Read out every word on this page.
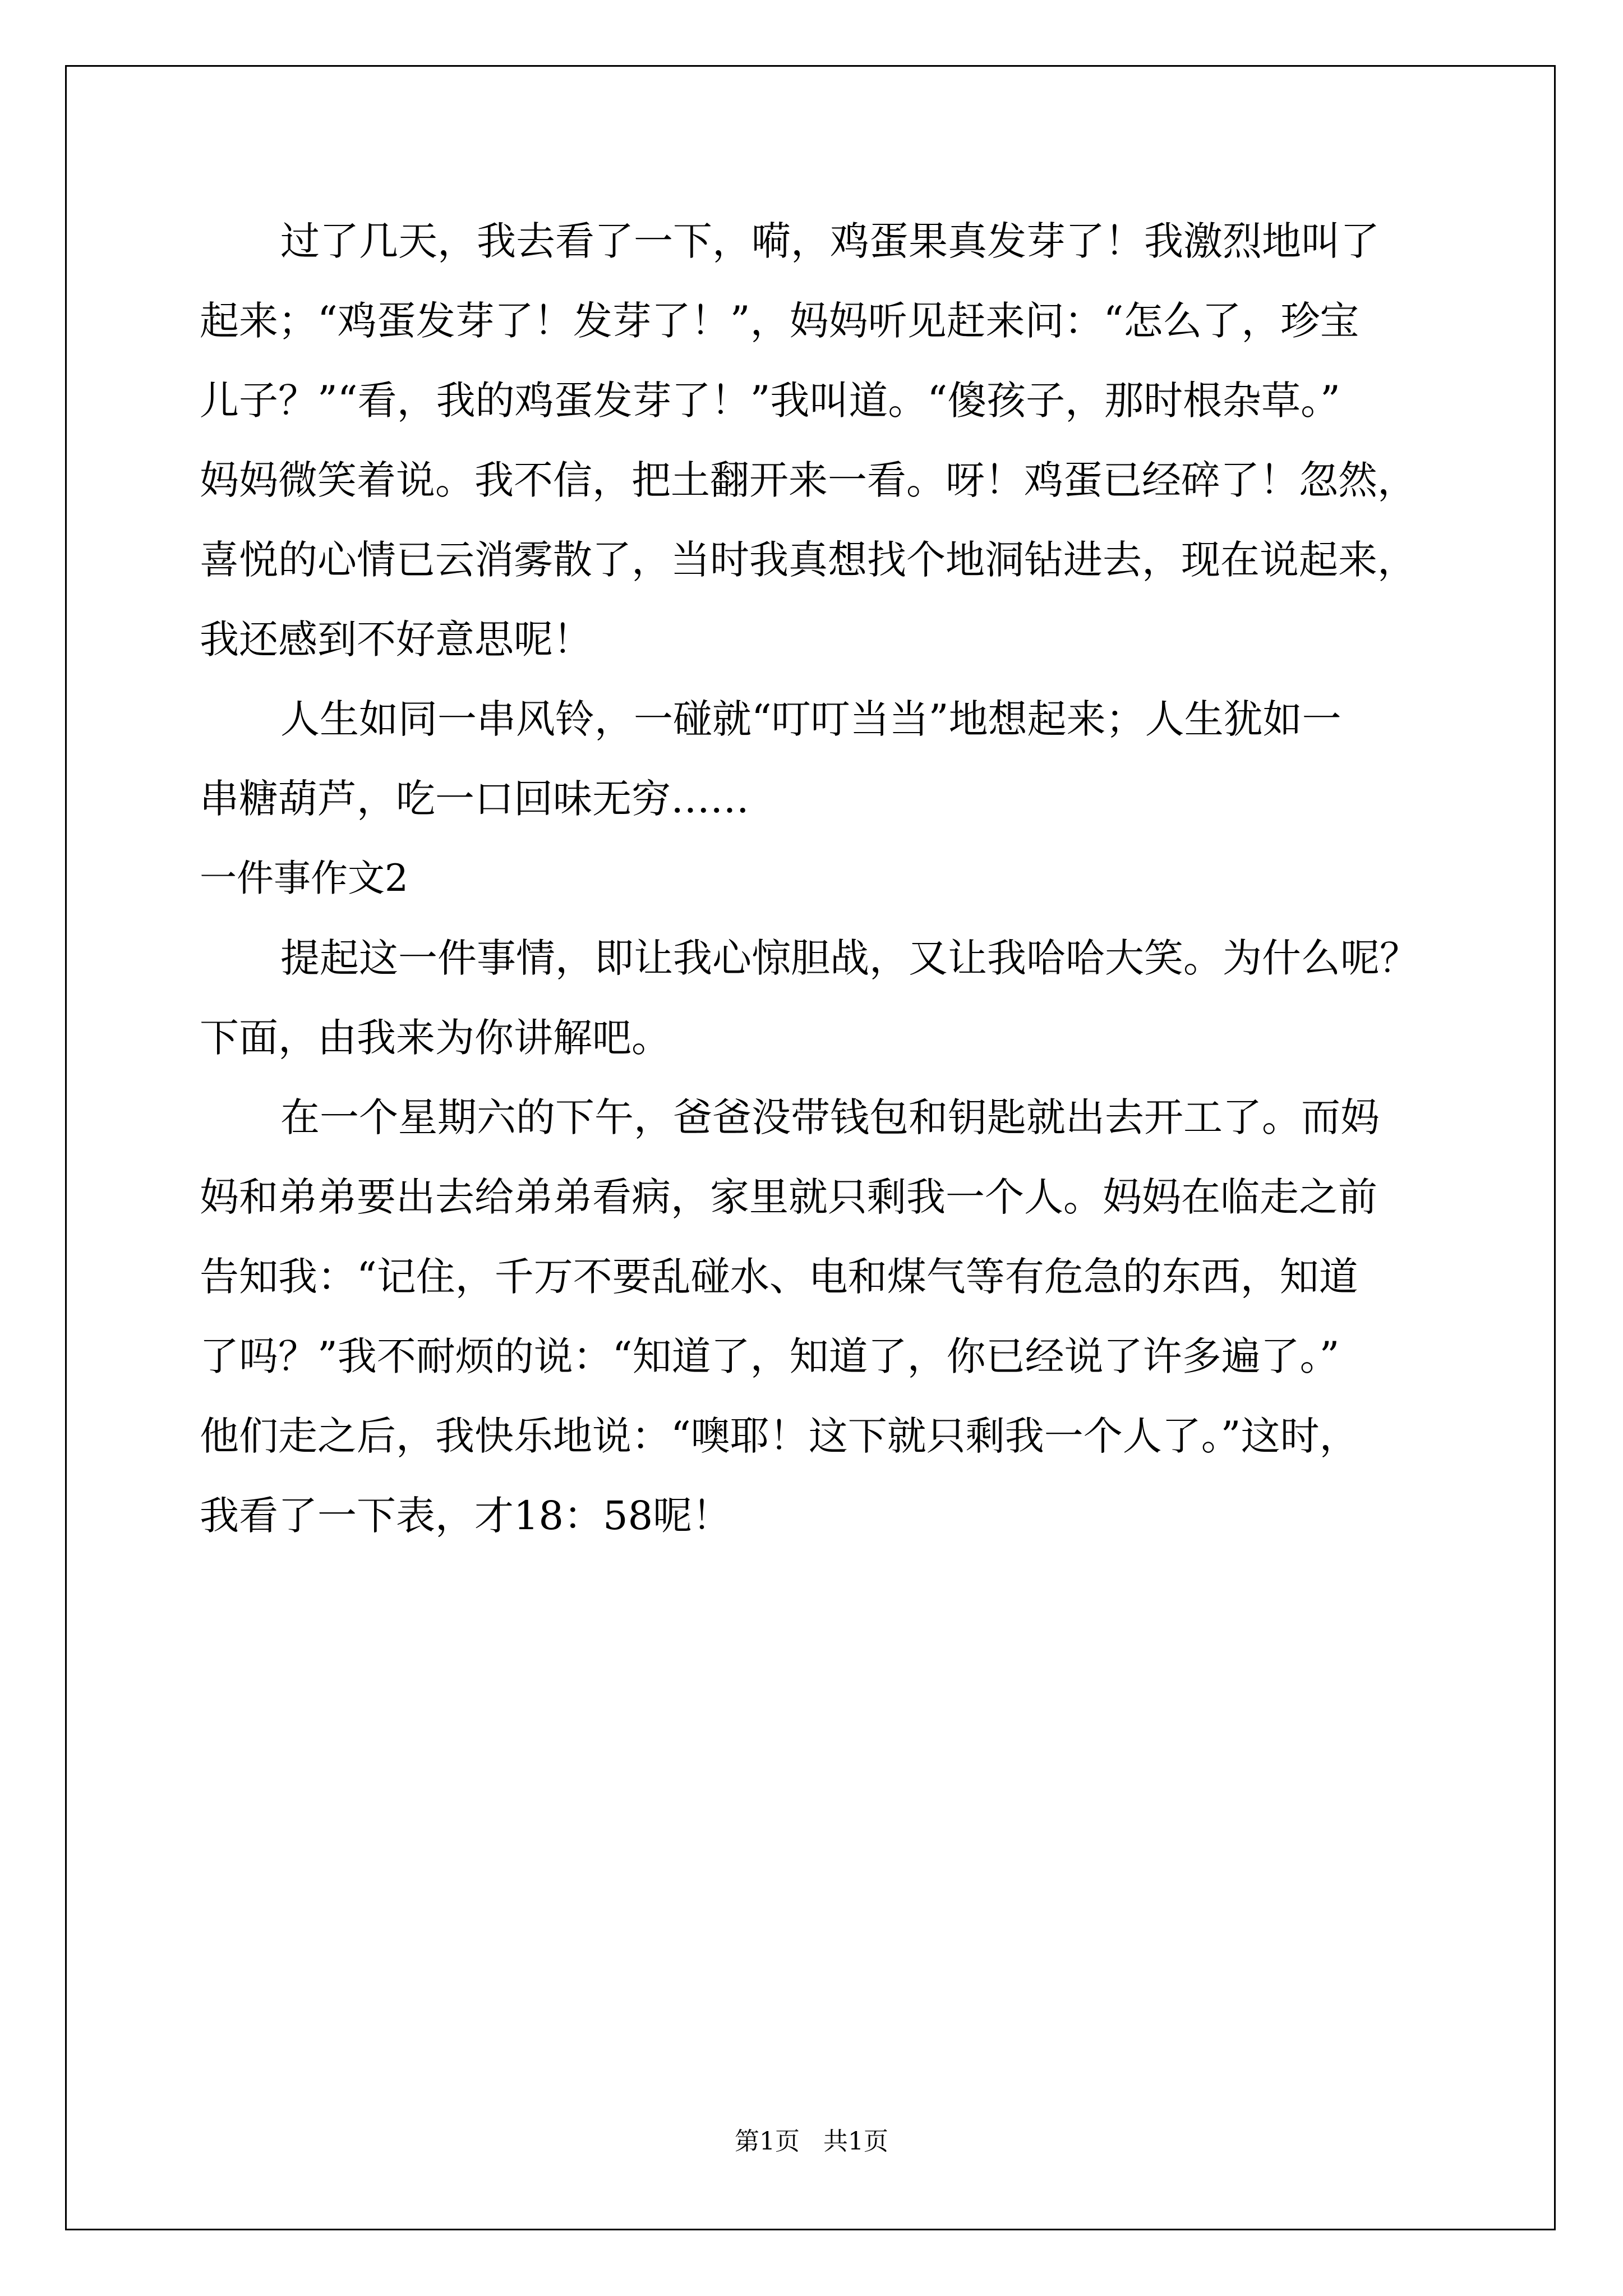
过了几天，我去看了一下，嗬，鸡蛋果真发芽了！我激烈地叫了
起来；“鸡蛋发芽了！发芽了！”，妈妈听见赶来问：“怎么了，珍宝
儿子？”“看，我的鸡蛋发芽了！”我叫道。“傻孩子，那时根杂草。”
妈妈微笑着说。我不信，把土翻开来一看。呀！鸡蛋已经碎了！忽然，
喜悦的心情已云消雾散了，当时我真想找个地洞钻进去，现在说起来，
我还感到不好意思呢！
人生如同一串风铃，一碰就“叮叮当当”地想起来；人生犹如一
串糖葫芦，吃一口回味无穷……
一件事作文2
提起这一件事情，即让我心惊胆战，又让我哈哈大笑。为什么呢？
下面，由我来为你讲解吧。
在一个星期六的下午，爸爸没带钱包和钥匙就出去开工了。而妈
妈和弟弟要出去给弟弟看病，家里就只剩我一个人。妈妈在临走之前
告知我：“记住，千万不要乱碰水、电和煤气等有危急的东西，知道
了吗？”我不耐烦的说：“知道了，知道了，你已经说了许多遍了。”
他们走之后，我快乐地说：“噢耶！这下就只剩我一个人了。”这时，
我看了一下表，才18：58呢！
第1页   共1页
